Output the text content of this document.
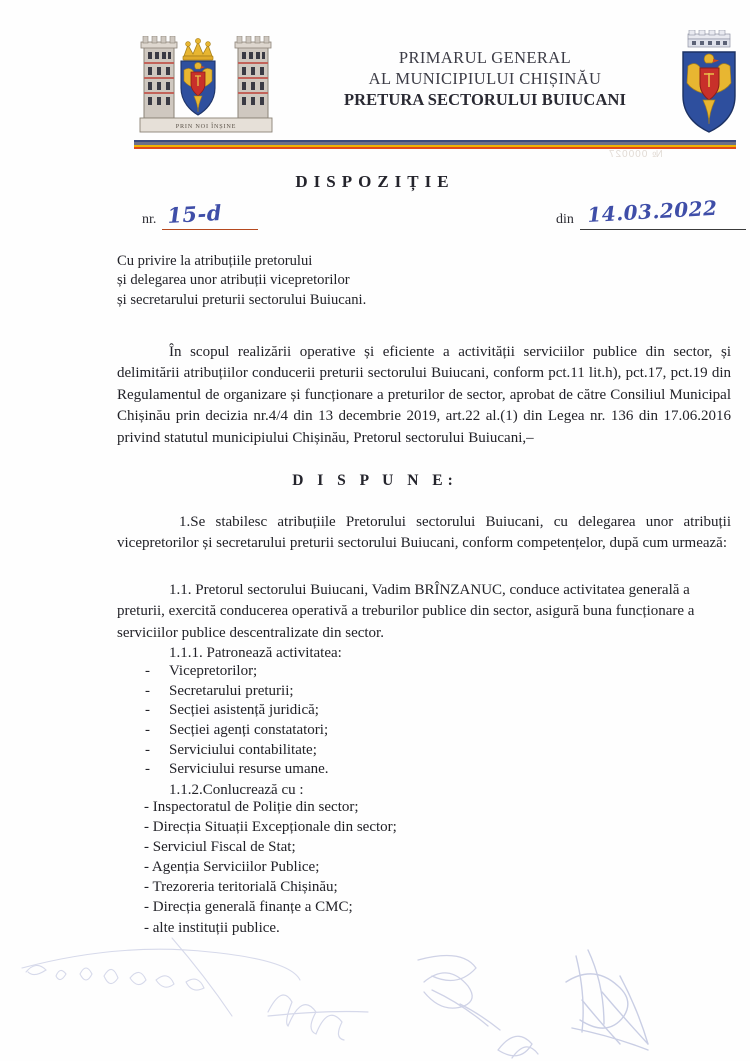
PRIN NOI ÎNȘINE
PRIMARUL GENERAL
AL MUNICIPIULUI CHIȘINĂU
PRETURA SECTORULUI BUIUCANI
№ 000027
DISPOZIȚIE
nr. 15-d	din 14.03.2022
Cu privire la atribuțiile pretorului
și delegarea unor atribuții vicepretorilor
și secretarului preturii sectorului Buiucani.
În scopul realizării operative și eficiente a activității serviciilor publice din sector, și delimitării atribuțiilor conducerii preturii sectorului Buiucani, conform pct.11 lit.h), pct.17, pct.19 din Regulamentul de organizare și funcționare a preturilor de sector, aprobat de către Consiliul Municipal Chișinău prin decizia nr.4/4 din 13 decembrie 2019, art.22 al.(1) din Legea nr. 136 din 17.06.2016 privind statutul municipiului Chișinău, Pretorul sectorului Buiucani,–
D I S P U N E:
1.Se stabilesc atribuțiile Pretorului sectorului Buiucani, cu delegarea unor atribuții vicepretorilor și secretarului preturii sectorului Buiucani, conform competențelor, după cum urmează:
1.1. Pretorul sectorului Buiucani, Vadim BRÎNZANUC, conduce activitatea generală a preturii, exercită conducerea operativă a treburilor publice din sector, asigură buna funcționare a serviciilor publice descentralizate din sector.
1.1.1. Patronează activitatea:
-	Vicepretorilor;
-	Secretarului preturii;
-	Secției asistență juridică;
-	Secției agenți constatatori;
-	Serviciului contabilitate;
-	Serviciului resurse umane.
1.1.2.Conlucrează cu :
- Inspectoratul de Poliție din sector;
- Direcția Situații Excepționale din sector;
- Serviciul Fiscal de Stat;
- Agenția Serviciilor Publice;
- Trezoreria teritorială Chișinău;
- Direcția generală finanțe a CMC;
- alte instituții publice.
